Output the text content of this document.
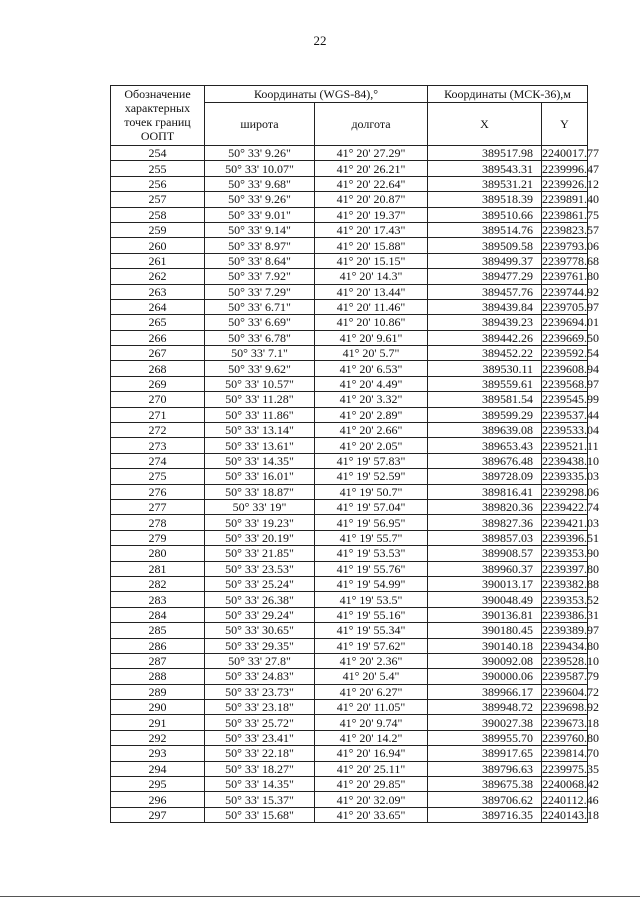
22
Обозначение характерных точек границ ООПТ	Координаты (WGS-84),°		Координаты (МСК-36),м	
	широта	долгота	X	Y
254	50° 33' 9.26"	41° 20' 27.29"	389517.98	2240017.77
255	50° 33' 10.07"	41° 20' 26.21"	389543.31	2239996.47
256	50° 33' 9.68"	41° 20' 22.64"	389531.21	2239926.12
257	50° 33' 9.26"	41° 20' 20.87"	389518.39	2239891.40
258	50° 33' 9.01"	41° 20' 19.37"	389510.66	2239861.75
259	50° 33' 9.14"	41° 20' 17.43"	389514.76	2239823.57
260	50° 33' 8.97"	41° 20' 15.88"	389509.58	2239793.06
261	50° 33' 8.64"	41° 20' 15.15"	389499.37	2239778.68
262	50° 33' 7.92"	41° 20' 14.3"	389477.29	2239761.80
263	50° 33' 7.29"	41° 20' 13.44"	389457.76	2239744.92
264	50° 33' 6.71"	41° 20' 11.46"	389439.84	2239705.97
265	50° 33' 6.69"	41° 20' 10.86"	389439.23	2239694.01
266	50° 33' 6.78"	41° 20' 9.61"	389442.26	2239669.50
267	50° 33' 7.1"	41° 20' 5.7"	389452.22	2239592.54
268	50° 33' 9.62"	41° 20' 6.53"	389530.11	2239608.94
269	50° 33' 10.57"	41° 20' 4.49"	389559.61	2239568.97
270	50° 33' 11.28"	41° 20' 3.32"	389581.54	2239545.99
271	50° 33' 11.86"	41° 20' 2.89"	389599.29	2239537.44
272	50° 33' 13.14"	41° 20' 2.66"	389639.08	2239533.04
273	50° 33' 13.61"	41° 20' 2.05"	389653.43	2239521.11
274	50° 33' 14.35"	41° 19' 57.83"	389676.48	2239438.10
275	50° 33' 16.01"	41° 19' 52.59"	389728.09	2239335.03
276	50° 33' 18.87"	41° 19' 50.7"	389816.41	2239298.06
277	50° 33' 19"	41° 19' 57.04"	389820.36	2239422.74
278	50° 33' 19.23"	41° 19' 56.95"	389827.36	2239421.03
279	50° 33' 20.19"	41° 19' 55.7"	389857.03	2239396.51
280	50° 33' 21.85"	41° 19' 53.53"	389908.57	2239353.90
281	50° 33' 23.53"	41° 19' 55.76"	389960.37	2239397.80
282	50° 33' 25.24"	41° 19' 54.99"	390013.17	2239382.88
283	50° 33' 26.38"	41° 19' 53.5"	390048.49	2239353.52
284	50° 33' 29.24"	41° 19' 55.16"	390136.81	2239386.31
285	50° 33' 30.65"	41° 19' 55.34"	390180.45	2239389.97
286	50° 33' 29.35"	41° 19' 57.62"	390140.18	2239434.80
287	50° 33' 27.8"	41° 20' 2.36"	390092.08	2239528.10
288	50° 33' 24.83"	41° 20' 5.4"	390000.06	2239587.79
289	50° 33' 23.73"	41° 20' 6.27"	389966.17	2239604.72
290	50° 33' 23.18"	41° 20' 11.05"	389948.72	2239698.92
291	50° 33' 25.72"	41° 20' 9.74"	390027.38	2239673.18
292	50° 33' 23.41"	41° 20' 14.2"	389955.70	2239760.80
293	50° 33' 22.18"	41° 20' 16.94"	389917.65	2239814.70
294	50° 33' 18.27"	41° 20' 25.11"	389796.63	2239975.35
295	50° 33' 14.35"	41° 20' 29.85"	389675.38	2240068.42
296	50° 33' 15.37"	41° 20' 32.09"	389706.62	2240112.46
297	50° 33' 15.68"	41° 20' 33.65"	389716.35	2240143.18
